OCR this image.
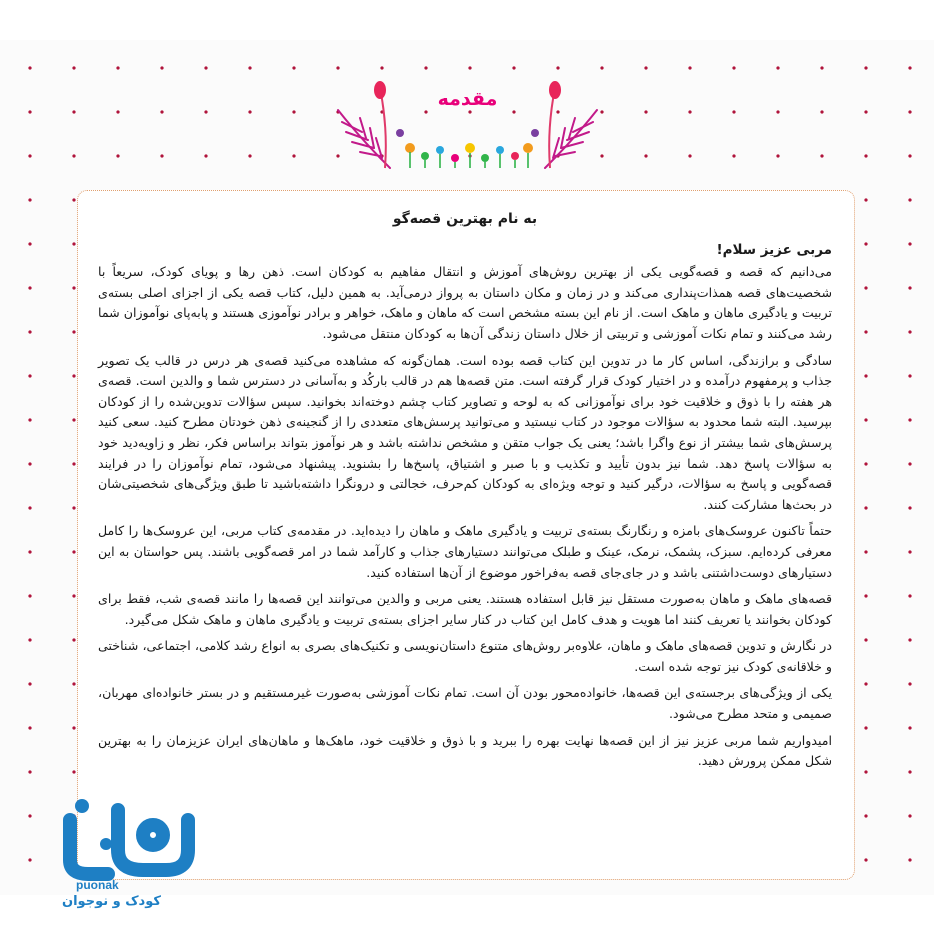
مقدمه

به نام بهترین قصه‌گو

مربی عزیز سلام!

می‌دانیم که قصه و قصه‌گویی یکی از بهترین روش‌های آموزش و انتقال مفاهیم به کودکان است. ذهن رها و پویای کودک، سریعاً با شخصیت‌های قصه همذات‌پنداری می‌کند و در زمان و مکان داستان به پرواز درمی‌آید. به همین دلیل، کتاب قصه یکی از اجزای اصلی بسته‌ی تربیت و یادگیری ماهان و ماهک است. از نام این بسته مشخص است که ماهان و ماهک، خواهر و برادر نوآموزی هستند و پابه‌پای نوآموزان شما رشد می‌کنند و تمام نکات آموزشی و تربیتی از خلال داستان زندگی آن‌ها به کودکان منتقل می‌شود.

سادگی و برازندگی، اساس کار ما در تدوین این کتاب قصه بوده است. همان‌گونه که مشاهده می‌کنید قصه‌ی هر درس در قالب یک تصویر جذاب و پرمفهوم درآمده و در اختیار کودک قرار گرفته است. متن قصه‌ها هم در قالب بارکُد و به‌آسانی در دسترس شما و والدین است. قصه‌ی هر هفته را با ذوق و خلاقیت خود برای نوآموزانی که به لوحه و تصاویر کتاب چشم دوخته‌اند بخوانید. سپس سؤالات تدوین‌شده را از کودکان بپرسید. البته شما محدود به سؤالات موجود در کتاب نیستید و می‌توانید پرسش‌های متعددی را از گنجینه‌ی ذهن خودتان مطرح کنید. سعی کنید پرسش‌های شما بیشتر از نوع واگرا باشد؛ یعنی یک جواب متقن و مشخص نداشته باشد و هر نوآموز بتواند براساس فکر، نظر و زاویه‌دید خود به سؤالات پاسخ دهد. شما نیز بدون تأیید و تکذیب و با صبر و اشتیاق، پاسخ‌ها را بشنوید. پیشنهاد می‌شود، تمام نوآموزان را در فرایند قصه‌گویی و پاسخ به سؤالات، درگیر کنید و توجه ویژه‌ای به کودکان کم‌حرف، خجالتی و درونگرا داشته‌باشید تا طبق ویژگی‌های شخصیتی‌شان در بحث‌ها مشارکت کنند.

حتماً تاکنون عروسک‌های بامزه و رنگارنگ بسته‌ی تربیت و یادگیری ماهک و ماهان را دیده‌اید. در مقدمه‌ی کتاب مربی، این عروسک‌ها را کامل معرفی کرده‌ایم. سبزک، پشمک، نرمک، عینک و طبلک می‌توانند دستیارهای جذاب و کارآمد شما در امر قصه‌گویی باشند. پس حواستان به این دستیارهای دوست‌داشتنی باشد و در جای‌جای قصه به‌فراخور موضوع از آن‌ها استفاده کنید.

قصه‌های ماهک و ماهان به‌صورت مستقل نیز قابل استفاده هستند. یعنی مربی و والدین می‌توانند این قصه‌ها را مانند قصه‌ی شب، فقط برای کودکان بخوانند یا تعریف کنند اما هویت و هدف کامل این کتاب در کنار سایر اجزای بسته‌ی تربیت و یادگیری ماهان و ماهک شکل می‌گیرد.

در نگارش و تدوین قصه‌های ماهک و ماهان، علاوه‌بر روش‌های متنوع داستان‌نویسی و تکنیک‌های بصری به انواع رشد کلامی، اجتماعی، شناختی و خلاقانه‌ی کودک نیز توجه شده است.

یکی از ویژگی‌های برجسته‌ی این قصه‌ها، خانواده‌محور بودن آن است. تمام نکات آموزشی به‌صورت غیرمستقیم و در بستر خانواده‌ای مهربان، صمیمی و متحد مطرح می‌شود.

امیدواریم شما مربی عزیز نیز از این قصه‌ها نهایت بهره را ببرید و با ذوق و خلاقیت خود، ماهک‌ها و ماهان‌های ایران عزیزمان را به بهترین شکل ممکن پرورش دهید.

puonak
کودک و نوجوان
